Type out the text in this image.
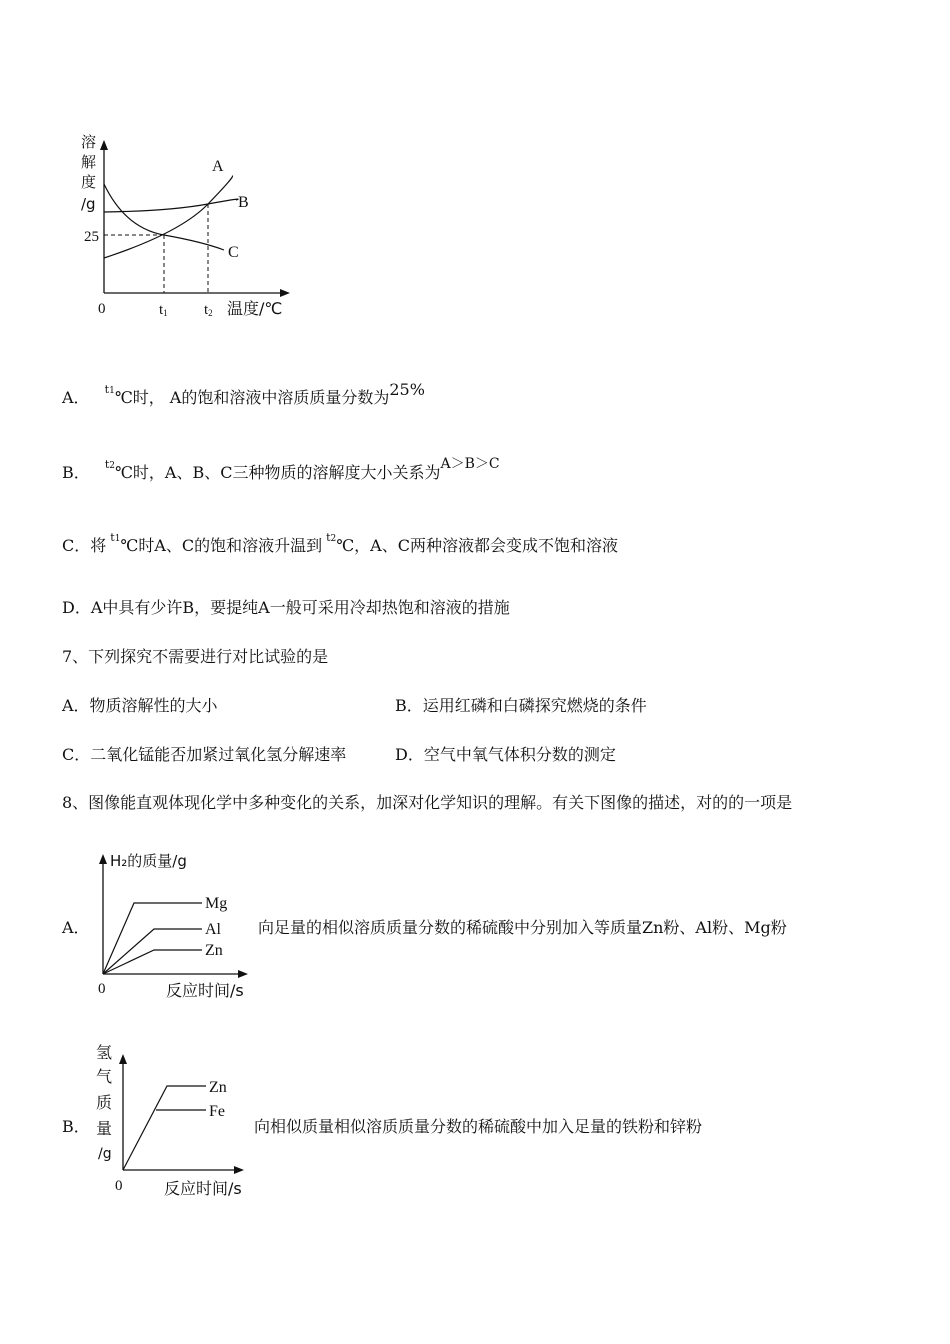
溶
解
度
/g
A
B
C
25
0	t1 t2 温度/℃
A． $^{t1}$℃时， A的饱和溶液中溶质质量分数为25%
B． $^{t2}$℃时，A、B、C三种物质的溶解度大小关系为A＞B＞C
C．将 $^{t1}$℃时A、C的饱和溶液升温到 $^{t2}$℃，A、C两种溶液都会变成不饱和溶液
D．A中具有少许B，要提纯A一般可采用冷却热饱和溶液的措施
7、下列探究不需要进行对比试验的是
A．物质溶解性的大小	B．运用红磷和白磷探究燃烧的条件
C．二氧化锰能否加紧过氧化氢分解速率	D．空气中氧气体积分数的测定
8、图像能直观体现化学中多种变化的关系，加深对化学知识的理解。有关下图像的描述，对的的一项是
A．
H₂的质量/g
Mg
Al
Zn
0	反应时间/s
向足量的相似溶质质量分数的稀硫酸中分别加入等质量Zn粉、Al粉、Mg粉
B．
氢
气
质
量
/g
Zn
Fe
0	反应时间/s
向相似质量相似溶质质量分数的稀硫酸中加入足量的铁粉和锌粉
